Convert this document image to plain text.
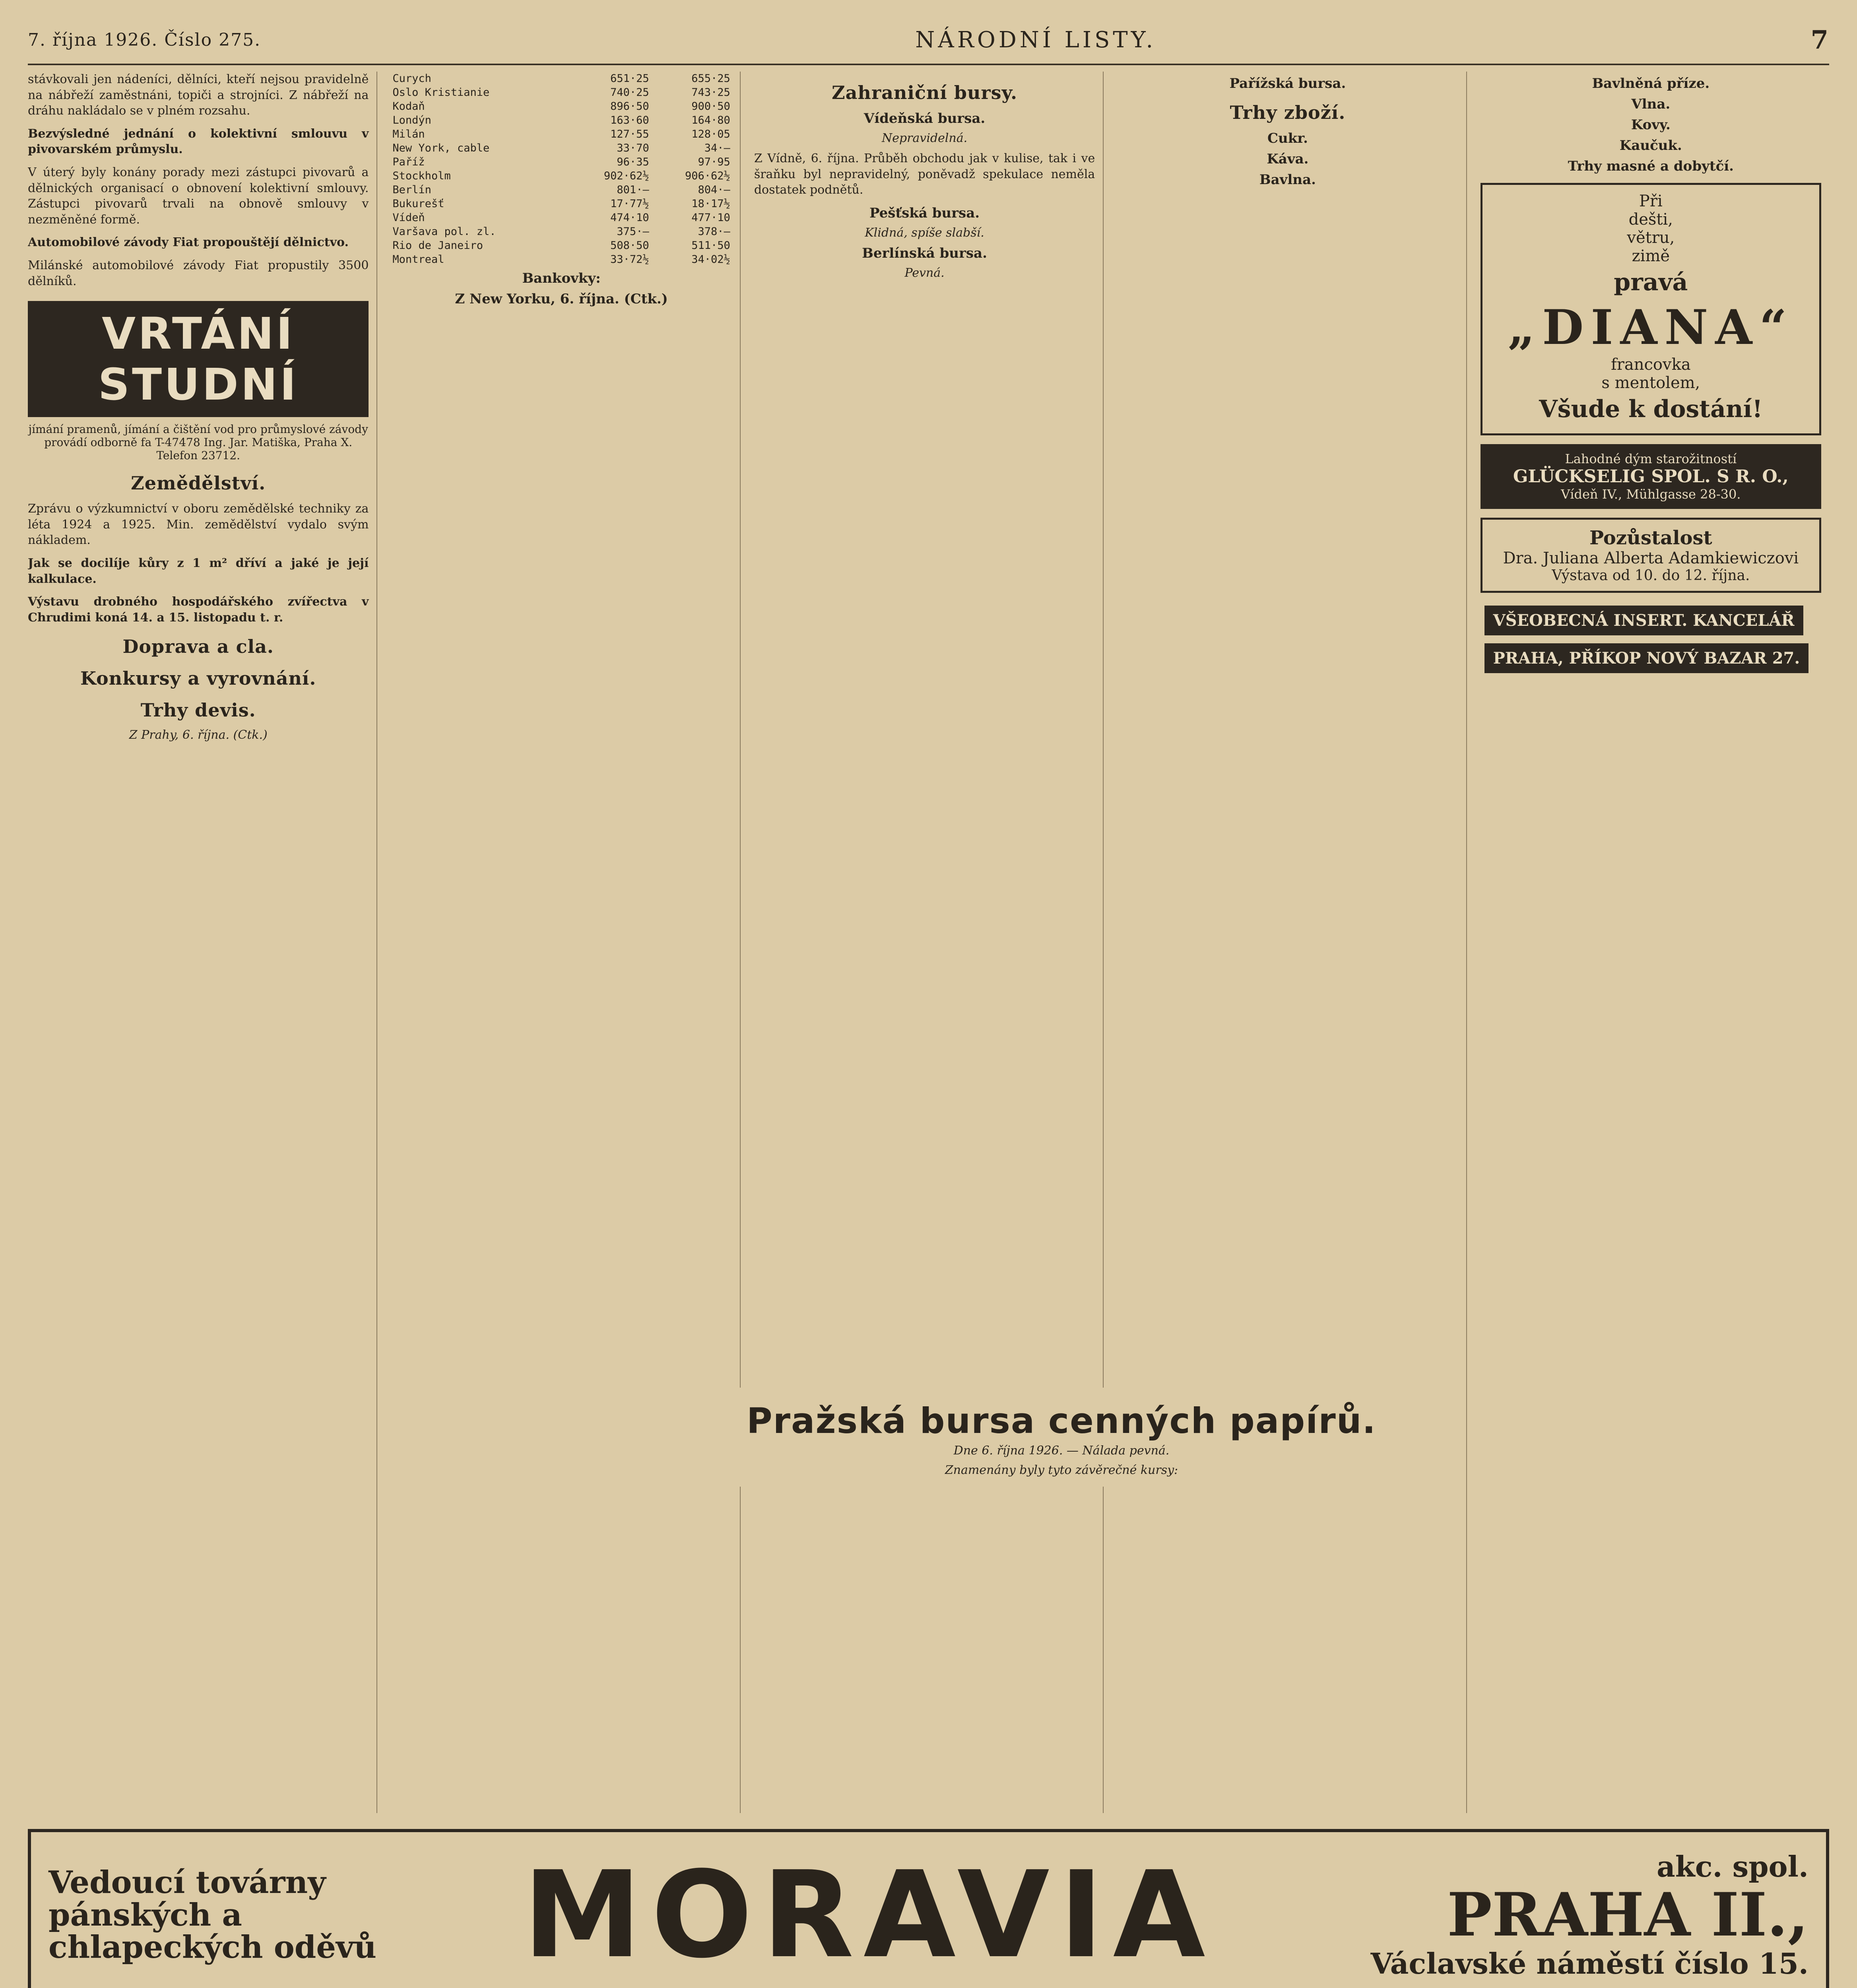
7. října 1926. Číslo 275.	NÁRODNÍ LISTY.	7

stávkovali jen nádeníci, dělníci, kteří nejsou pravidelně na nábřeží zaměstnáni, topiči a strojníci. Z nábřeží na dráhu nakládalo se v plném rozsahu.

Bezvýsledné jednání o kolektivní smlouvu v pivovarském průmyslu.

V úterý byly konány porady mezi zástupci pivovarů a dělnických organisací o obnovení kolektivní smlouvy. Zástupci pivovarů trvali na obnově smlouvy v nezměněné formě.

Automobilové závody Fiat propouštějí dělnictvo.

Milánské automobilové závody Fiat propustily 3500 dělníků.

VRTÁNÍ STUDNÍ
jímání pramenů, jímání a čištění vod pro průmyslové závody provádí odborně fa T-47478 Ing. Jar. Matiška, Praha X. Telefon 23712.
Zemědělství.

Zprávu o výzkumnictví v oboru zemědělské techniky za léta 1924 a 1925. Min. zemědělství vydalo svým nákladem.

Jak se docilíje kůry z 1 m² dříví a jaké je její kalkulace.

Výstavu drobného hospodářského zvířectva v Chrudimi koná 14. a 15. listopadu t. r.

Doprava a cla.
Konkursy a vyrovnání.
Trhy devis.
Z Prahy, 6. října. (Ctk.)
Curych	651·25	655·25
Oslo Kristianie	740·25	743·25
Kodaň	896·50	900·50
Londýn	163·60	164·80
Milán	127·55	128·05
New York, cable	33·70	34·—
Paříž	96·35	97·95
Stockholm	902·62½	906·62½
Berlín	801·—	804·—
Bukurešť	17·77½	18·17½
Vídeň	474·10	477·10
Varšava pol. zl.	375·—	378·—
Rio de Janeiro	508·50	511·50
Montreal	33·72½	34·02½
Bankovky:
Z New Yorku, 6. října. (Ctk.)
Zahraniční bursy.
Vídeňská bursa.
Nepravidelná.

Z Vídně, 6. října. Průběh obchodu jak v kulise, tak i ve šraňku byl nepravidelný, poněvadž spekulace neměla dostatek podnětů.

Pešťská bursa.
Klidná, spíše slabší.
Berlínská bursa.
Pevná.
Pařížská bursa.
Trhy zboží.
Cukr.
Káva.
Bavlna.
Bavlněná příze.
Vlna.
Kovy.
Kaučuk.
Trhy masné a dobytčí.
Při
dešti,
větru,
zimě
pravá
„DIANA“
francovka
s mentolem,
Všude k dostání!
Lahodné dým starožitností
GLÜCKSELIG SPOL. S R. O.,
Vídeň IV., Mühlgasse 28-30.
Pozůstalost
Dra. Juliana Alberta Adamkiewiczovi
Výstava od 10. do 12. října.
VŠEOBECNÁ INSERT. KANCELÁŘ PRAHA, PŘÍKOP NOVÝ BAZAR 27.
Pražská bursa cenných papírů.
Dne 6. října 1926. — Nálada pevná.
Znamenány byly tyto závěrečné kursy:
Vedoucí továrny pánských a chlapeckých oděvů	MORAVIA	akc. spol.
PRAHA II.,
Václavské náměstí číslo 15.
